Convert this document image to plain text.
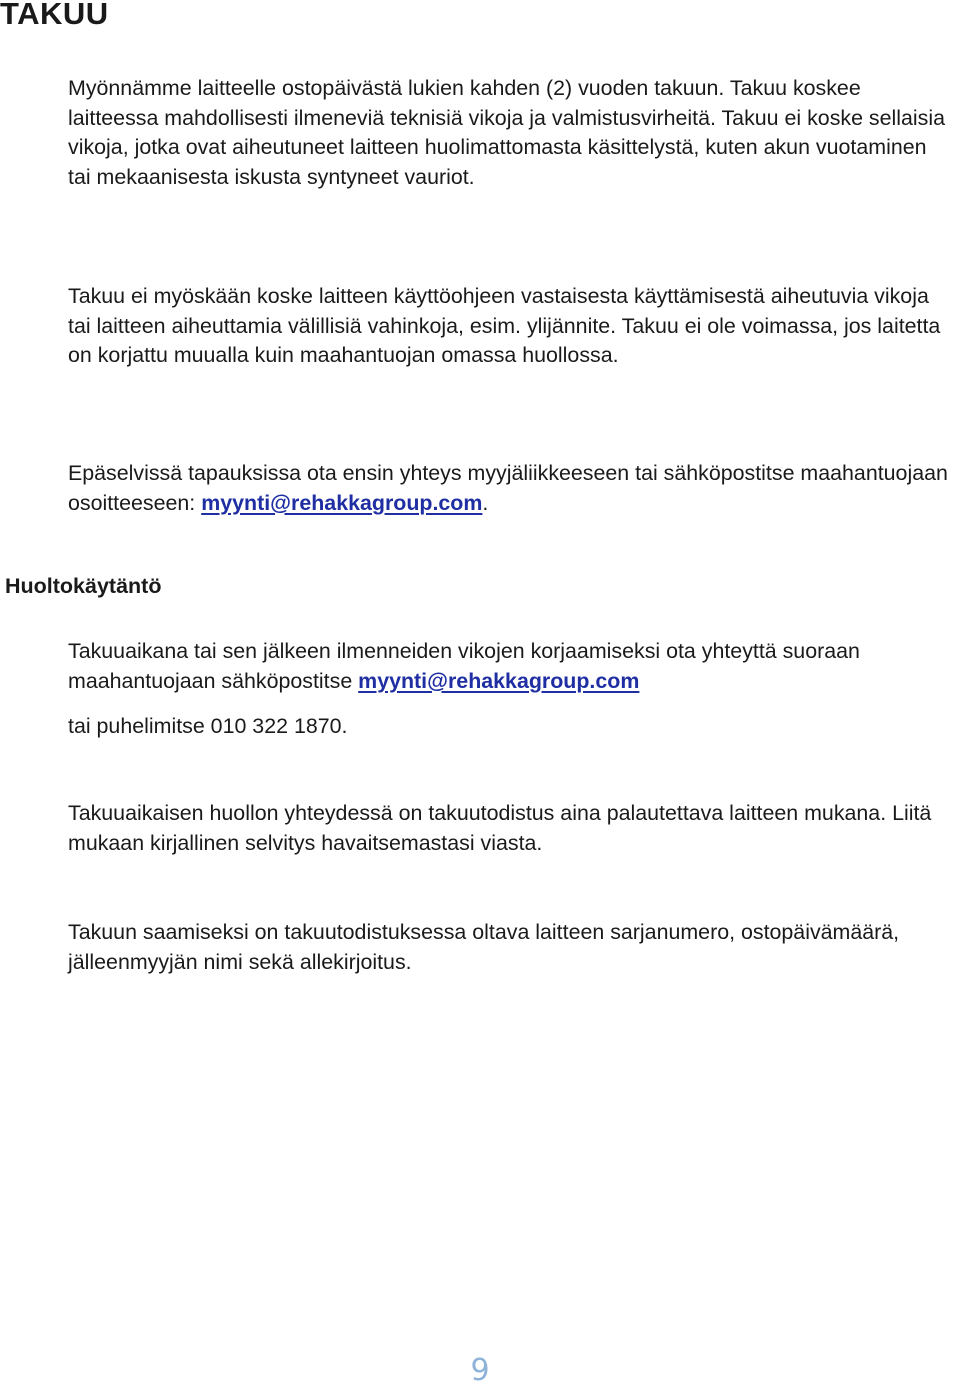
TAKUU

Myönnämme laitteelle ostopäivästä lukien kahden (2) vuoden takuun. Takuu koskee laitteessa mahdollisesti ilmeneviä teknisiä vikoja ja valmistusvirheitä. Takuu ei koske sellaisia vikoja, jotka ovat aiheutuneet laitteen huolimattomasta käsittelystä, kuten akun vuotaminen tai mekaanisesta iskusta syntyneet vauriot.

Takuu ei myöskään koske laitteen käyttöohjeen vastaisesta käyttämisestä aiheutuvia vikoja tai laitteen aiheuttamia välillisiä vahinkoja, esim. ylijännite. Takuu ei ole voimassa, jos laitetta on korjattu muualla kuin maahantuojan omassa huollossa.

Epäselvissä tapauksissa ota ensin yhteys myyjäliikkeeseen tai sähköpostitse maahantuojaan osoitteeseen: myynti@rehakkagroup.com.

Huoltokäytäntö

Takuuaikana tai sen jälkeen ilmenneiden vikojen korjaamiseksi ota yhteyttä suoraan maahantuojaan sähköpostitse myynti@rehakkagroup.com

tai puhelimitse 010 322 1870.

Takuuaikaisen huollon yhteydessä on takuutodistus aina palautettava laitteen mukana. Liitä mukaan kirjallinen selvitys havaitsemastasi viasta.

Takuun saamiseksi on takuutodistuksessa oltava laitteen sarjanumero, ostopäivämäärä, jälleenmyyjän nimi sekä allekirjoitus.

9
